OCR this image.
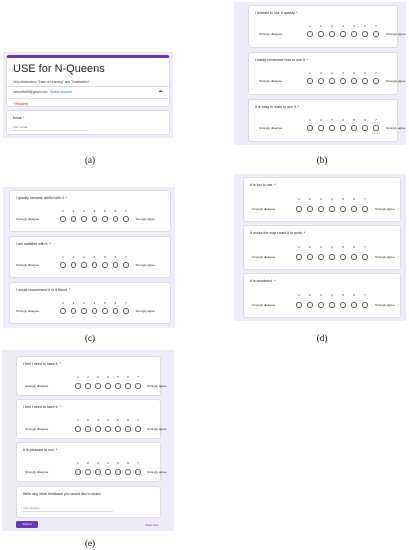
USE for N-Queens
Only dimensions "Ease of Learning" and "Satisfaction"
mmorello85@gmail.com Switch account	☁
* Required
Email *
Your email
(a)
I learned to use it quickly. *
1	2	3	4	5	6	7
Strongly disagree	Strongly agree
I easily remember how to use it. *
1	2	3	4	5	6	7
Strongly disagree	Strongly agree
It is easy to learn to use it. *
1	2	3	4	5	6	7
Strongly disagree	Strongly agree
(b)
I quickly became skillful with it. *
1	2	3	4	5	6	7
Strongly disagree	Strongly agree
I am satisfied with it. *
1	2	3	4	5	6	7
Strongly disagree	Strongly agree
I would recommend it to a friend. *
1	2	3	4	5	6	7
Strongly disagree	Strongly agree
(c)
It is fun to use. *
1	2	3	4	5	6	7
Strongly disagree	Strongly agree
It works the way I want it to work. *
1	2	3	4	5	6	7
Strongly disagree	Strongly agree
It is wonderful. *
1	2	3	4	5	6	7
Strongly disagree	Strongly agree
(d)
I feel I need to have it. *
1	2	3	4	5	6	7
Strongly disagree	Strongly agree
I feel I need to have it. *
1	2	3	4	5	6	7
Strongly disagree	Strongly agree
It is pleasant to use. *
1	2	3	4	5	6	7
Strongly disagree	Strongly agree
Write any other feedback you would like to share:
Your answer
Submit	Clear form
(e)
